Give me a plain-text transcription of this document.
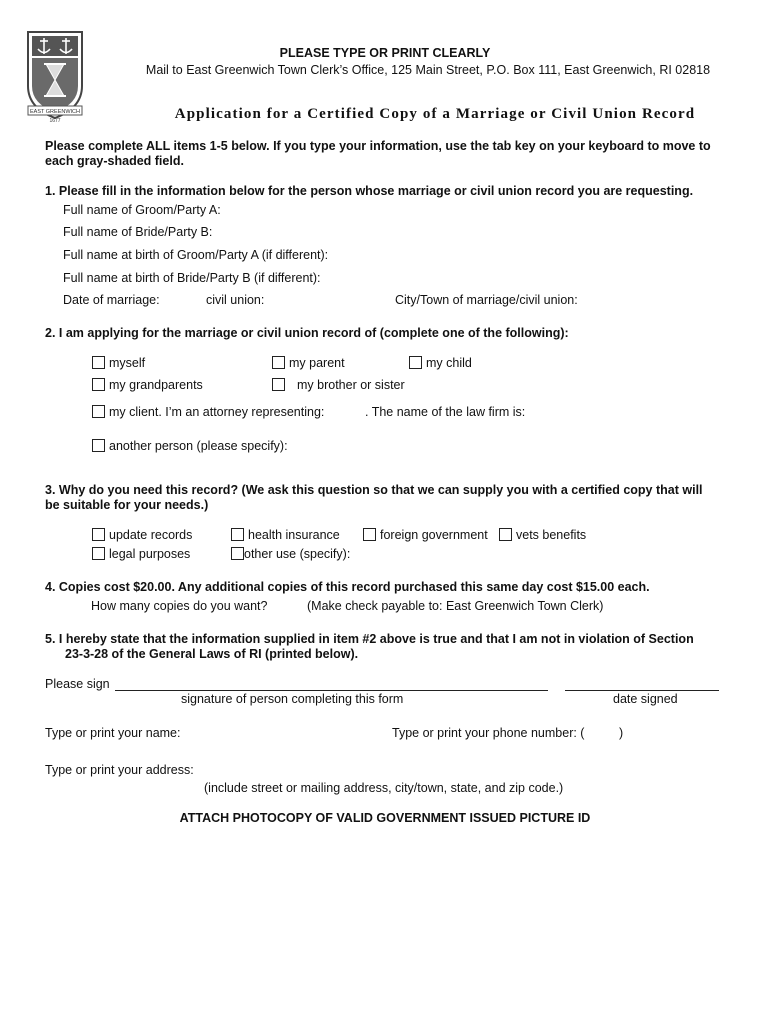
EAST GREENWICH
1677
PLEASE TYPE OR PRINT CLEARLY
Mail to East Greenwich Town Clerk’s Office, 125 Main Street, P.O. Box 111, East Greenwich, RI 02818
Application for a Certified Copy of a Marriage or Civil Union Record
Please complete ALL items 1-5 below. If you type your information, use the tab key on your keyboard to move to
each gray-shaded field.
1. Please fill in the information below for the person whose marriage or civil union record you are requesting.
Full name of Groom/Party A:
Full name of Bride/Party B:
Full name at birth of Groom/Party A (if different):
Full name at birth of Bride/Party B (if different):
Date of marriage:	civil union:	City/Town of marriage/civil union:
2. I am applying for the marriage or civil union record of (complete one of the following):
myself	my parent	my child
my grandparents	my brother or sister
my client. I’m an attorney representing:	. The name of the law firm is:
another person (please specify):
3. Why do you need this record? (We ask this question so that we can supply you with a certified copy that will
be suitable for your needs.)
update records	health insurance	foreign government vets benefits
legal purposes	other use (specify):
4. Copies cost $20.00. Any additional copies of this record purchased this same day cost $15.00 each.
How many copies do you want?	(Make check payable to: East Greenwich Town Clerk)
5. I hereby state that the information supplied in item #2 above is true and that I am not in violation of Section
23-3-28 of the General Laws of RI (printed below).
Please sign
signature of person completing this form	date signed
Type or print your name:	Type or print your phone number: (	)
Type or print your address:
(include street or mailing address, city/town, state, and zip code.)
ATTACH PHOTOCOPY OF VALID GOVERNMENT ISSUED PICTURE ID
